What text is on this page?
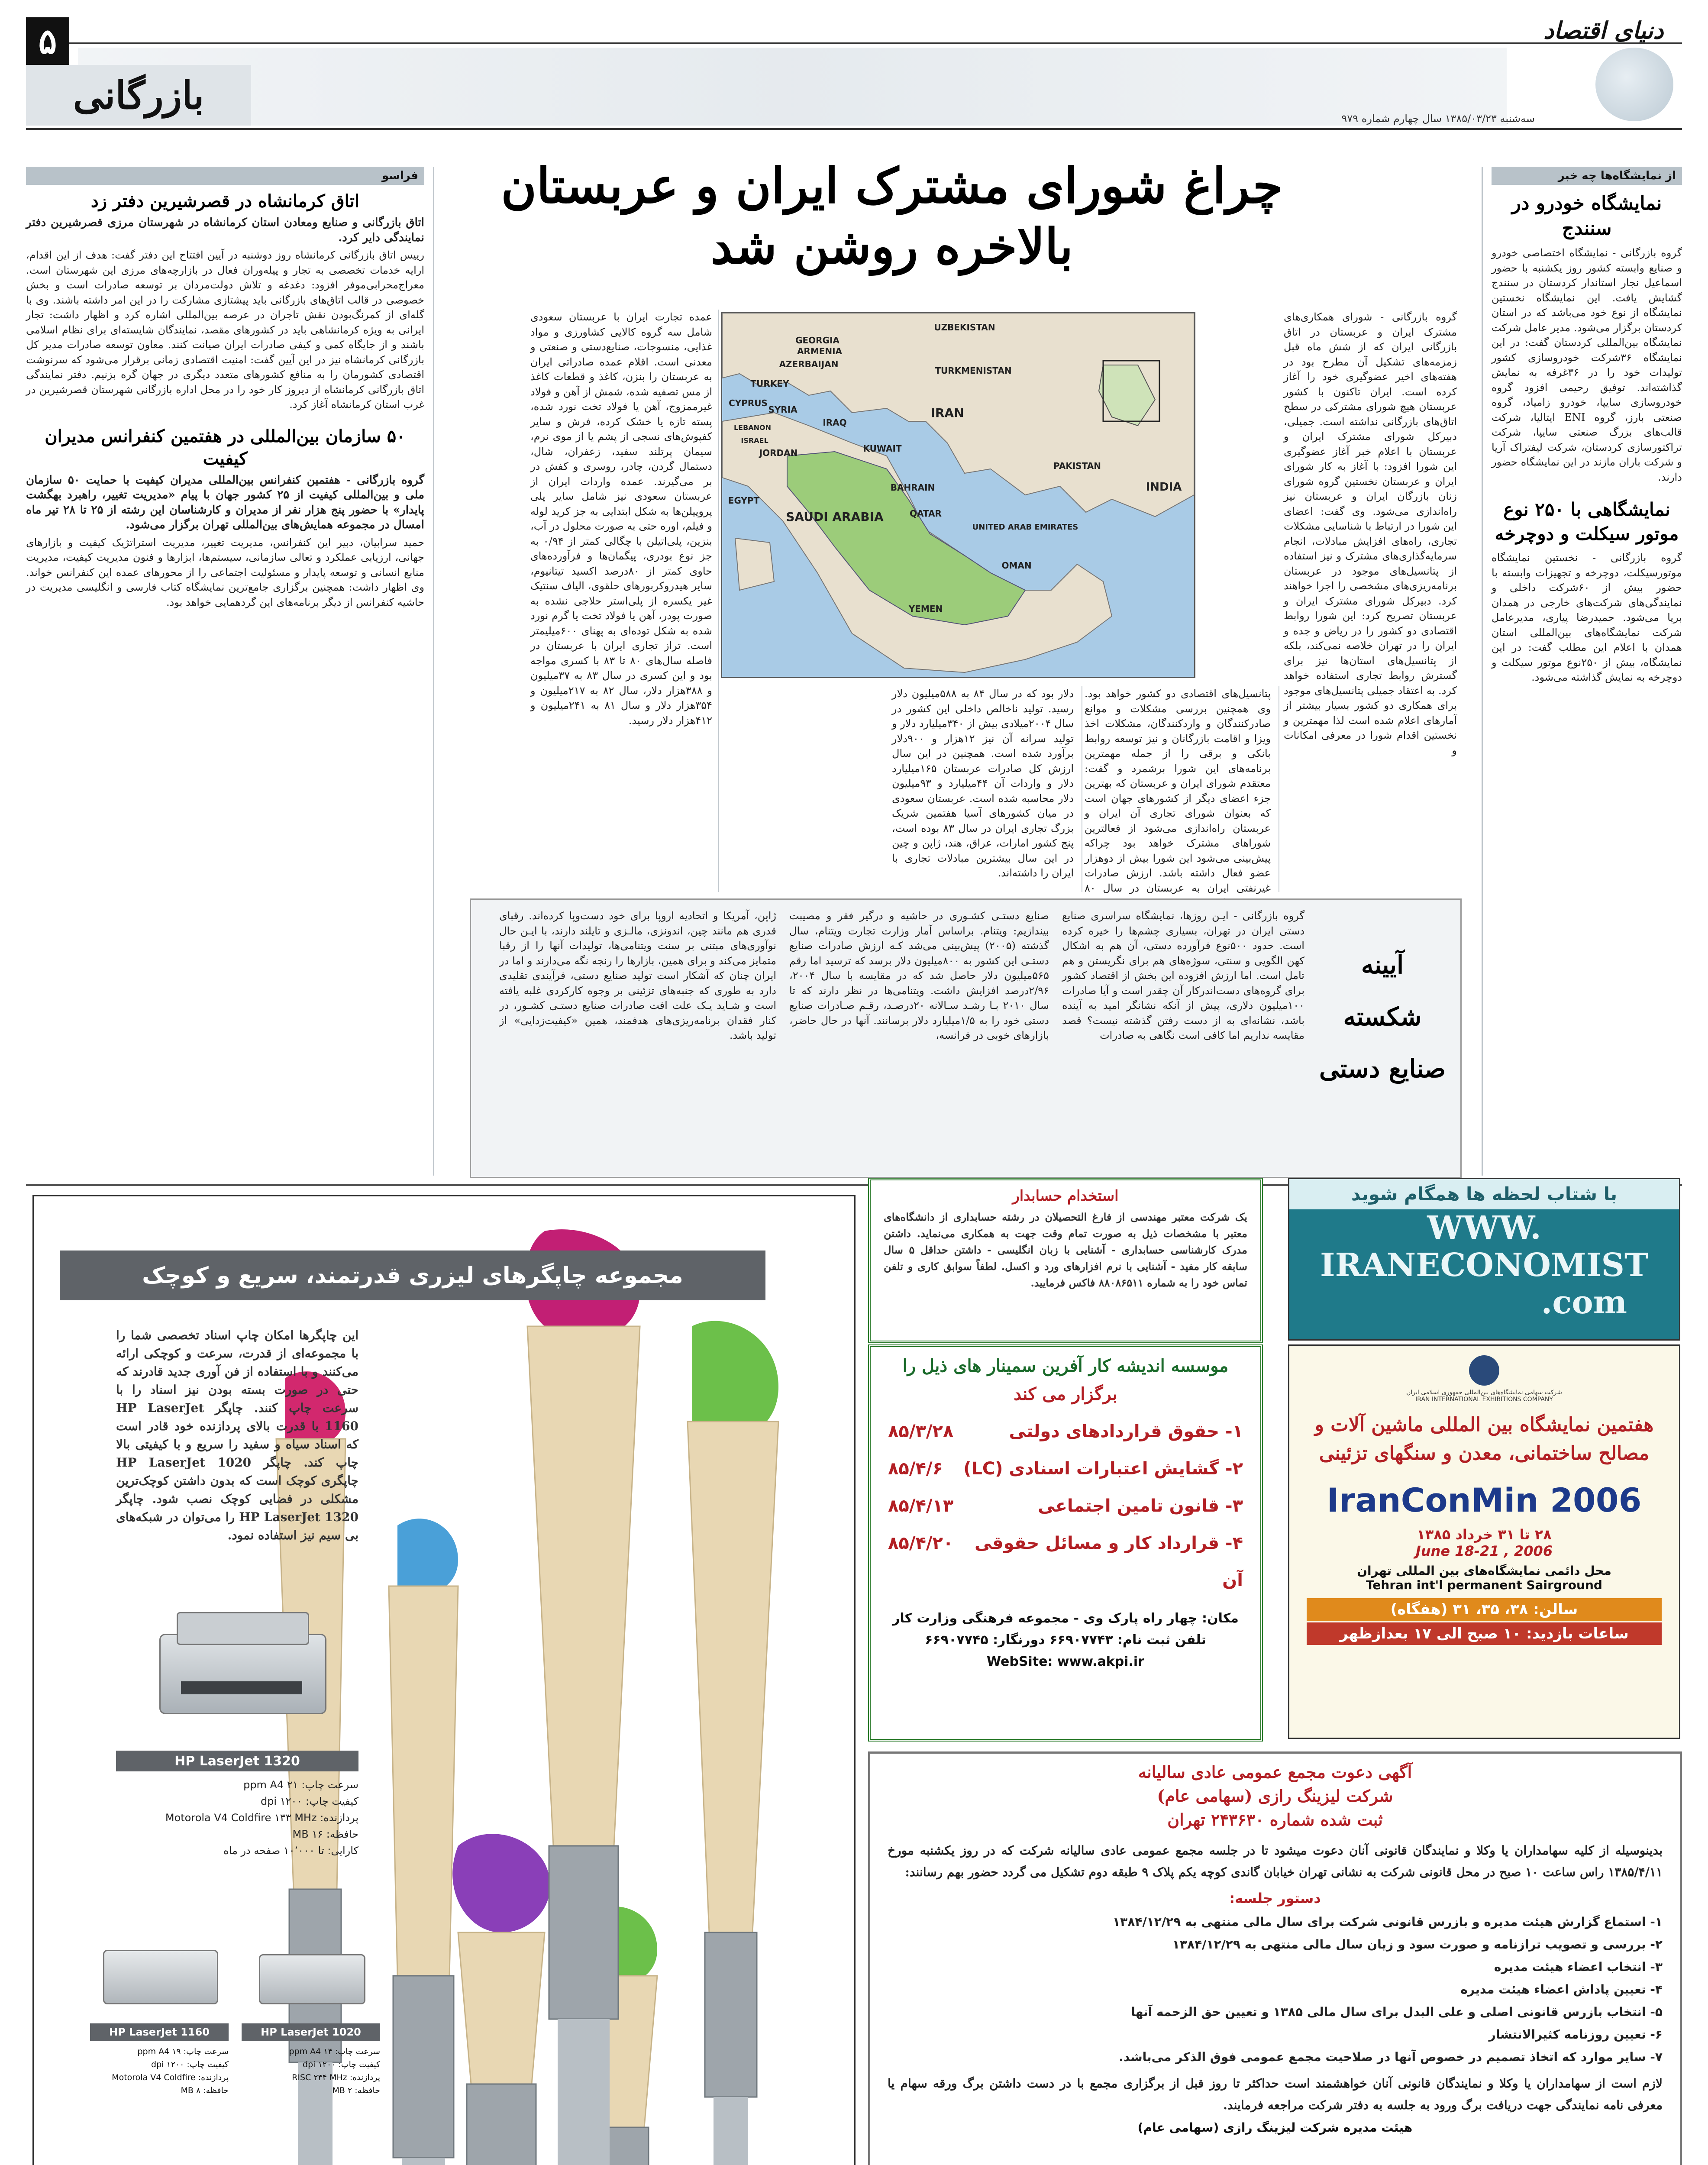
۵
بازرگانی
دنیای اقتصاد
سه‌شنبه ۱۳۸۵/۰۳/۲۳ سال چهارم شماره ۹۷۹
از نمایشگاه‌ها چه خبر
نمایشگاه خودرو در سنندج
گروه بازرگانی - نمایشگاه اختصاصی خودرو و صنایع وابسته کشور روز یکشنبه با حضور اسماعیل نجار استاندار کردستان در سنندج گشایش یافت. این نمایشگاه نخستین نمایشگاه از نوع خود می‌باشد که در استان کردستان برگزار می‌شود. مدیر عامل شرکت نمایشگاه بین‌المللی کردستان گفت: در این نمایشگاه ۳۶شرکت خودروسازی کشور تولیدات خود را در ۳۶غرفه به نمایش گذاشته‌اند. توفیق رحیمی افزود گروه خودروسازی سایپا، خودرو زامیاد، گروه صنعتی بارز، گروه ENI ایتالیا، شرکت قالب‌های بزرگ صنعتی سایپا، شرکت تراکتورسازی کردستان، شرکت لیفتراک آریا و شرکت باران مازند در این نمایشگاه حضور دارند.
نمایشگاهی با ۲۵۰ نوع موتور سیکلت و دوچرخه
گروه بازرگانی - نخستین نمایشگاه موتورسیکلت، دوچرخه و تجهیزات وابسته با حضور بیش از ۶۰شرکت داخلی و نمایندگی‌های شرکت‌های خارجی در همدان برپا می‌شود. حمیدرضا پیاری، مدیرعامل شرکت نمایشگاه‌های بین‌المللی استان همدان با اعلام این مطلب گفت: در این نمایشگاه، بیش از ۲۵۰نوع موتور سیکلت و دوچرخه به نمایش گذاشته می‌شود.
چراغ شورای مشترک ایران و عربستان
بالاخره روشن شد
UZBEKISTAN
GEORGIA
ARMENIA
AZERBAIJAN
TURKMENISTAN
TURKEY
CYPRUS
SYRIA
IRAQ
IRAN
LEBANON
ISRAEL
JORDAN	KUWAIT
BAHRAIN
QATAR
SAUDI ARABIA
UNITED ARAB EMIRATES
OMAN
YEMEN
EGYPT
PAKISTAN
INDIA
گروه بازرگانی - شورای همکاری‌های مشترک ایران و عربستان در اتاق بازرگانی ایران که از شش ماه قبل زمزمه‌های تشکیل آن مطرح بود در هفته‌های اخیر عضوگیری خود را آغاز کرده است. ایران تاکنون با کشور عربستان هیچ شورای مشترکی در سطح اتاق‌های بازرگانی نداشته است. جمیلی، دبیرکل شورای مشترک ایران و عربستان با اعلام خبر آغاز عضوگیری این شورا افزود: با آغاز به کار شورای ایران و عربستان نخستین گروه شورای زنان بازرگان ایران و عربستان نیز راه‌اندازی می‌شود. وی گفت: اعضای این شورا در ارتباط با شناسایی مشکلات تجاری، راه‌های افزایش مبادلات، انجام سرمایه‌گذاری‌های مشترک و نیز استفاده از پتانسیل‌های موجود در عربستان برنامه‌ریزی‌های مشخصی را اجرا خواهند کرد. دبیرکل شورای مشترک ایران و عربستان تصریح کرد: این شورا روابط اقتصادی دو کشور را در ریاض و جده و ایران را در تهران خلاصه نمی‌کند، بلکه از پتانسیل‌های استان‌ها نیز برای گسترش روابط تجاری استفاده خواهد کرد. به اعتقاد جمیلی پتانسیل‌های موجود برای همکاری دو کشور بسیار بیشتر از آمارهای اعلام شده است لذا مهمترین و نخستین اقدام شورا در معرفی امکانات و
پتانسیل‌های اقتصادی دو کشور خواهد بود. وی همچنین بررسی مشکلات و موانع صادرکنندگان و واردکنندگان، مشکلات اخذ ویزا و اقامت بازرگانان و نیز توسعه روابط بانکی و برقی را از جمله مهمترین برنامه‌های این شورا برشمرد و گفت: معتقدم شورای ایران و عربستان که بهترین جزء اعضای دیگر از کشورهای جهان است که بعنوان شورای تجاری آن ایران و عربستان راه‌اندازی می‌شود از فعالترین شوراهای مشترک خواهد بود چراکه پیش‌بینی می‌شود این شورا بیش از دوهزار عضو فعال داشته باشد. ارزش صادرات غیرنفتی ایران به عربستان در سال ۸۰
دلار بود که در سال ۸۴ به ۵۸۸میلیون دلار رسید. تولید ناخالص داخلی این کشور در سال ۲۰۰۴میلادی بیش از ۳۴۰میلیارد دلار و تولید سرانه آن نیز ۱۲هزار و ۹۰۰دلار برآورد شده است. همچنین در این سال ارزش کل صادرات عربستان ۱۶۵میلیارد دلار و واردات آن ۴۴میلیارد و ۹۳میلیون دلار محاسبه شده است. عربستان سعودی در میان کشورهای آسیا هفتمین شریک بزرگ تجاری ایران در سال ۸۳ بوده است، پنج کشور امارات، عراق، هند، ژاپن و چین در این سال بیشترین مبادلات تجاری با ایران را داشته‌اند.
عمده تجارت ایران با عربستان سعودی شامل سه گروه کالایی کشاورزی و مواد غذایی، منسوجات، صنایع‌دستی و صنعتی و معدنی است. اقلام عمده صادراتی ایران به عربستان را بنزن، کاغذ و قطعات کاغذ از مس تصفیه شده، شمش از آهن و فولاد غیرممزوج، آهن یا فولاد تخت نورد شده، پسته تازه یا خشک کرده، فرش و سایر کفپوش‌های نسجی از پشم یا از موی نرم، سیمان پرتلند سفید، زعفران، شال، دستمال گردن، چادر، روسری و کفش در بر می‌گیرند. عمده واردات ایران از عربستان سعودی نیز شامل سایر پلی پروپیلن‌ها به شکل ابتدایی به جز کرید لوله و فیلم، اوره حتی به صورت محلول در آب، بنزین، پلی‌اتیلن با چگالی کمتر از ۰/۹۴ به جز نوع بودری، پیگمان‌ها و فرآورده‌های حاوی کمتر از ۸۰درصد اکسید تیتانیوم، سایر هیدروکربورهای حلقوی، الیاف سنتیک غیر یکسره از پلی‌استر حلاجی نشده به صورت پودر، آهن یا فولاد تخت یا گرم نورد شده به شکل توده‌ای به پهنای ۶۰۰میلیمتر است. تراز تجاری ایران با عربستان در فاصله سال‌های ۸۰ تا ۸۳ با کسری مواجه بود و این کسری در سال ۸۳ به ۳۷میلیون و ۳۸۸هزار دلار، سال ۸۲ به ۲۱۷میلیون و ۳۵۴هزار دلار و سال ۸۱ به ۲۴۱میلیون و ۴۱۲هزار دلار رسید.
آیینه
شکسته
صنایع دستی
گروه بازرگانی - ایـن روزها، نمایشگاه سراسری صنایع دستی ایران در تهران، بسیاری چشم‌ها را خیره کرده است. حدود ۵۰۰نوع فرآورده دستی، آن هم به اشکال کهن الگویی و سنتی، سوژه‌های هم برای نگریستن و هم تامل است. اما ارزش افزوده این بخش از اقتصاد کشور برای گروه‌های دست‌اندرکار آن چقدر است و آیا صادرات ۱۰۰میلیون دلاری، پیش از آنکه نشانگر امید به آینده باشد، نشانه‌ای به از دست رفتن گذشته نیست؟ قصد مقایسه نداریم اما کافی است نگاهی به صادرات
صنایع دستـی کشـوری در حاشیه و درگیر فقر و مصیبت بیندازیم: ویتنام. براساس آمار وزارت تجارت ویتنام، سال گذشته (۲۰۰۵) پیش‌بینی می‌شد کـه ارزش صادرات صنایع دستـی این کشور به ۸۰۰میلیون دلار برسد که ترسید اما رقم ۵۶۵میلیون دلار حاصل شد که در مقایسه با سال ۲۰۰۴، ۲/۹۶درصد افزایش داشت. ویتنامی‌ها در نظر دارند که تا سال ۲۰۱۰ بـا رشـد سـالانه ۲۰درصـد، رقـم صـادرات صنایع دستی خود را به ۱/۵میلیارد دلار برسانند. آنها در حال حاضر، بازارهای خوبی در فرانسه،
ژاپن، آمریکا و اتحادیه اروپا برای خود دست‌وپا کرده‌اند. رقبای قدری هم مانند چین، اندونزی، مالـزی و تایلند دارند، با ایـن حال نوآوری‌های مبتنی بر سنت ویتنامی‌ها، تولیدات آنها را از رقبا متمایز می‌کند و برای همین، بازارها را رنجه نگه می‌دارند و اما در ایران چنان که آشکار است تولید صنایع دستی، فرآیندی تقلیدی دارد به طوری که جنبه‌های تزئینی بر وجوه کارکردی غلبه یافته است و شـاید یـک علت افت صادرات صنایع دستـی کشـور، در کنار فقدان برنامه‌ریزی‌های هدفمند، همین «کیفیت‌زدایی» از تولید باشد.
فراسو
اتاق کرمانشاه در قصرشیرین دفتر زد
اتاق بازرگانی و صنایع ومعادن استان کرمانشاه در شهرستان مرزی قصرشیرین دفتر نمایندگی دایر کرد.
رییس اتاق بازرگانی کرمانشاه روز دوشنبه در آیین افتتاح این دفتر گفت: هدف از این اقدام، ارایه خدمات تخصصی به تجار و پیله‌وران فعال در بازارچه‌های مرزی این شهرستان است. معراج‌محرابی‌موفر افزود: دغدغه و تلاش دولت‌مردان بر توسعه صادرات است و بخش خصوصی در قالب اتاق‌های بازرگانی باید پیشتازی مشارکت را در این امر داشته باشند. وی با گله‌ای از کمرنگ‌بودن نقش تاجران در عرصه بین‌المللی اشاره کرد و اظهار داشت: تجار ایرانی به ویژه کرمانشاهی باید در کشورهای مقصد، نمایندگان شایسته‌ای برای نظام اسلامی باشند و از جایگاه کمی و کیفی صادرات ایران صیانت کنند. معاون توسعه صادرات مدیر کل بازرگانی کرمانشاه نیز در این آیین گفت: امنیت اقتصادی زمانی برقرار می‌شود که سرنوشت اقتصادی کشورمان را به منافع کشورهای متعدد دیگری در جهان گره بزنیم. دفتر نمایندگی اتاق بازرگانی کرمانشاه از دیروز کار خود را در محل اداره بازرگانی شهرستان قصرشیرین در غرب استان کرمانشاه آغاز کرد.
۵۰ سازمان بین‌المللی در هفتمین کنفرانس مدیران کیفیت
گروه بازرگانی - هفتمین کنفرانس بین‌المللی مدیران کیفیت با حمایت ۵۰ سازمان ملی و بین‌المللی کیفیت از ۲۵ کشور جهان با پیام «مدیریت تغییر، راهبرد بهگشت پایدار» با حضور پنج هزار نفر از مدیران و کارشناسان این رشته از ۲۵ تا ۲۸ تیر ماه امسال در مجموعه همایش‌های بین‌المللی تهران برگزار می‌شود.
حمید سرابیان، دبیر این کنفرانس، مدیریت تغییر، مدیریت استراتژیک کیفیت و بازارهای جهانی، ارزیابی عملکرد و تعالی سازمانی، سیستم‌ها، ابزارها و فنون مدیریت کیفیت، مدیریت منابع انسانی و توسعه پایدار و مسئولیت اجتماعی را از محورهای عمده این کنفرانس خواند. وی اظهار داشت: همچنین برگزاری جامع‌ترین نمایشگاه کتاب فارسی و انگلیسی مدیریت در حاشیه کنفرانس از دیگر برنامه‌های این گردهمایی خواهد بود.
مجموعه چاپگرهای لیزری قدرتمند، سریع و کوچک
این چاپگرها امکان چاپ اسناد تخصصی شما را با مجموعه‌ای از قدرت، سرعت و کوچکی ارائه می‌کنند و با استفاده از فن آوری جدید قادرند که حتی در صورت بسته بودن نیز اسناد را با سرعت چاپ کنند. چاپگر HP LaserJet 1160 با قدرت بالای پردازنده خود قادر است که اسناد سیاه و سفید را سریع و با کیفیتی بالا چاپ کند. چاپگر HP LaserJet 1020 چاپگری کوچک است که بدون داشتن کوچک‌ترین مشکلی در فضایی کوچک نصب شود. چاپگر HP LaserJet 1320 را می‌توان در شبکه‌های بی سیم نیز استفاده نمود.
HP LaserJet 1320
سرعت چاپ: ۲۱ ppm A4
کیفیت چاپ: ۱۲۰۰ dpi
پردازنده: Motorola V4 Coldfire ۱۳۳ MHz
حافظه: ۱۶ MB
کارایی: تا ۱۰٬۰۰۰ صفحه در ماه
HP LaserJet 1160	HP LaserJet 1020
سرعت چاپ: ۱۹ ppm A4
کیفیت چاپ: ۱۲۰۰ dpi
پردازنده: Motorola V4 Coldfire
حافظه: ۸ MB
سرعت چاپ: ۱۴ ppm A4
کیفیت چاپ: ۱۲۰۰ dpi
پردازنده: RISC ۲۳۴ MHz
حافظه: ۲ MB
استخدام حسابدار
یک شرکت معتبر مهندسی از فارغ التحصیلان در رشته حسابداری از دانشگاه‌های معتبر با مشخصات ذیل به صورت تمام وقت جهت به همکاری می‌نماید. داشتن مدرک کارشناسی حسابداری - آشنایی با زبان انگلیسی - داشتن حداقل ۵ سال سابقه کار مفید - آشنایی با نرم افزارهای ورد و اکسل. لطفاً سوابق کاری و تلفن تماس خود را به شماره ۸۸۰۸۶۵۱۱ فاکس فرمایید.
موسسه اندیشه کار آفرین سمینار های ذیل را
برگزار می کند
۱- حقوق قراردادهای دولتی
۸۵/۳/۲۸
۲- گشایش اعتبارات اسنادی (LC)
۸۵/۴/۶
۳- قانون تامین اجتماعی
۸۵/۴/۱۳
۴- قرارداد کار و مسائل حقوقی آن
۸۵/۴/۲۰
مکان: چهار راه پارک وی - مجموعه فرهنگی وزارت کار
تلفن ثبت نام: ۶۶۹۰۷۷۴۳ دورنگار: ۶۶۹۰۷۷۴۵
WebSite: www.akpi.ir
با شتاب لحظه ها همگام شوید
WWW.
IRANECONOMIST
.com
شرکت سهامی نمایشگاه‌های بین‌المللی جمهوری اسلامی ایران
IRAN INTERNATIONAL EXHIBITIONS COMPANY
هفتمین نمایشگاه بین المللی ماشین آلات و مصالح ساختمانی، معدن و سنگهای تزئینی
IranConMin 2006
۲۸ تا ۳۱ خرداد ۱۳۸۵
June 18-21 , 2006
محل دائمی نمایشگاه‌های بین المللی تهران
Tehran int'l permanent Sairground
سالن: ۳۸، ۳۵، ۳۱ (هفگاه)
ساعات بازدید: ۱۰ صبح الی ۱۷ بعدازظهر
آگهی دعوت مجمع عمومی عادی سالیانه
شرکت لیزینگ رازی (سهامی عام)
ثبت شده شماره ۲۴۳۶۳۰ تهران
بدینوسیله از کلیه سهامداران یا وکلا و نمایندگان قانونی آنان دعوت میشود تا در جلسه مجمع عمومی عادی سالیانه شرکت که در روز یکشنبه مورخ ۱۳۸۵/۴/۱۱ راس ساعت ۱۰ صبح در محل قانونی شرکت به نشانی تهران خیابان گاندی کوچه یکم پلاک ۹ طبقه دوم تشکیل می گردد حضور بهم رسانند:
دستور جلسه:
۱- استماع گزارش هیئت مدیره و بازرس قانونی شرکت برای سال مالی منتهی به ۱۳۸۴/۱۲/۲۹
۲- بررسی و تصویب ترازنامه و صورت سود و زیان سال مالی منتهی به ۱۳۸۴/۱۲/۲۹
۳- انتخاب اعضاء هیئت مدیره
۴- تعیین پاداش اعضاء هیئت مدیره
۵- انتخاب بازرس قانونی اصلی و علی البدل برای سال مالی ۱۳۸۵ و تعیین حق الزحمه آنها
۶- تعیین روزنامه کثیرالانتشار
۷- سایر موارد که اتخاذ تصمیم در خصوص آنها در صلاحیت مجمع عمومی فوق الذکر می‌باشد.
لازم است از سهامداران یا وکلا و نمایندگان قانونی آنان خواهشمند است حداکثر تا روز قبل از برگزاری مجمع با در دست داشتن برگ ورقه سهام یا معرفی نامه نمایندگی جهت دریافت برگ ورود به جلسه به دفتر شرکت مراجعه فرمایند.
هیئت مدیره شرکت لیزینگ رازی (سهامی عام)
